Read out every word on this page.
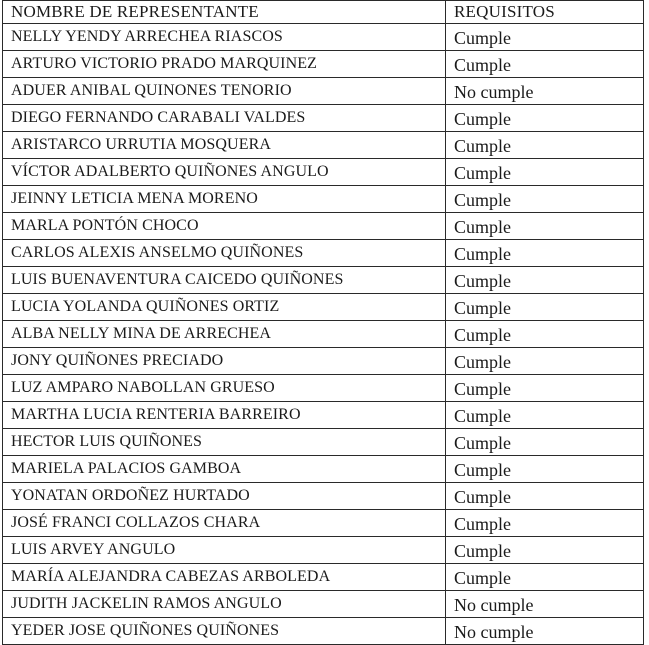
NOMBRE DE REPRESENTANTE	REQUISITOS
NELLY YENDY ARRECHEA RIASCOS	Cumple
ARTURO VICTORIO PRADO MARQUINEZ	Cumple
ADUER ANIBAL QUINONES TENORIO	No cumple
DIEGO FERNANDO CARABALI VALDES	Cumple
ARISTARCO URRUTIA MOSQUERA	Cumple
VÍCTOR ADALBERTO QUIÑONES ANGULO	Cumple
JEINNY LETICIA MENA MORENO	Cumple
MARLA PONTÓN CHOCO	Cumple
CARLOS ALEXIS ANSELMO QUIÑONES	Cumple
LUIS BUENAVENTURA CAICEDO QUIÑONES	Cumple
LUCIA YOLANDA QUIÑONES ORTIZ	Cumple
ALBA NELLY MINA DE ARRECHEA	Cumple
JONY QUIÑONES PRECIADO	Cumple
LUZ AMPARO NABOLLAN GRUESO	Cumple
MARTHA LUCIA RENTERIA BARREIRO	Cumple
HECTOR LUIS QUIÑONES	Cumple
MARIELA PALACIOS GAMBOA	Cumple
YONATAN ORDOÑEZ HURTADO	Cumple
JOSÉ FRANCI COLLAZOS CHARA	Cumple
LUIS ARVEY ANGULO	Cumple
MARÍA ALEJANDRA CABEZAS ARBOLEDA	Cumple
JUDITH JACKELIN RAMOS ANGULO	No cumple
YEDER JOSE QUIÑONES QUIÑONES	No cumple
